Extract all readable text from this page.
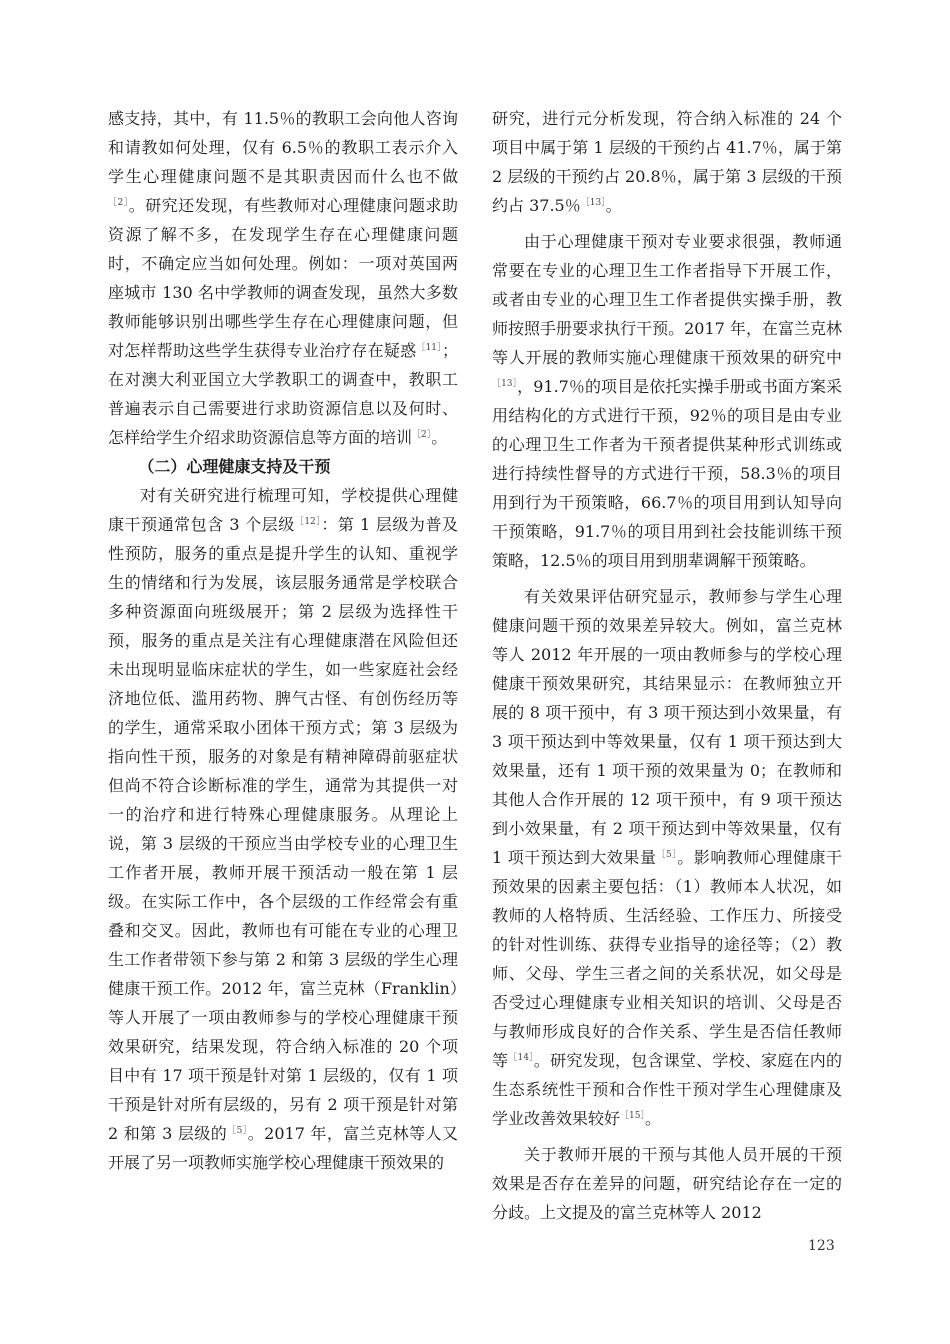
感支持，其中，有 11.5％的教职工会向他人咨询和请教如何处理，仅有 6.5％的教职工表示介入学生心理健康问题不是其职责因而什么也不做$^{[2]}$。研究还发现，有些教师对心理健康问题求助资源了解不多，在发现学生存在心理健康问题时，不确定应当如何处理。例如：一项对英国两座城市 130 名中学教师的调查发现，虽然大多数教师能够识别出哪些学生存在心理健康问题，但对怎样帮助这些学生获得专业治疗存在疑惑$^{[11]}$；在对澳大利亚国立大学教职工的调查中，教职工普遍表示自己需要进行求助资源信息以及何时、怎样给学生介绍求助资源信息等方面的培训$^{[2]}$。

（二）心理健康支持及干预

对有关研究进行梳理可知，学校提供心理健康干预通常包含 3 个层级$^{[12]}$：第 1 层级为普及性预防，服务的重点是提升学生的认知、重视学生的情绪和行为发展，该层服务通常是学校联合多种资源面向班级展开；第 2 层级为选择性干预，服务的重点是关注有心理健康潜在风险但还未出现明显临床症状的学生，如一些家庭社会经济地位低、滥用药物、脾气古怪、有创伤经历等的学生，通常采取小团体干预方式；第 3 层级为指向性干预，服务的对象是有精神障碍前驱症状但尚不符合诊断标准的学生，通常为其提供一对一的治疗和进行特殊心理健康服务。从理论上说，第 3 层级的干预应当由学校专业的心理卫生工作者开展，教师开展干预活动一般在第 1 层级。在实际工作中，各个层级的工作经常会有重叠和交叉。因此，教师也有可能在专业的心理卫生工作者带领下参与第 2 和第 3 层级的学生心理健康干预工作。2012 年，富兰克林（Franklin）等人开展了一项由教师参与的学校心理健康干预效果研究，结果发现，符合纳入标准的 20 个项目中有 17 项干预是针对第 1 层级的，仅有 1 项干预是针对所有层级的，另有 2 项干预是针对第 2 和第 3 层级的$^{[5]}$。2017 年，富兰克林等人又开展了另一项教师实施学校心理健康干预效果的

研究，进行元分析发现，符合纳入标准的 24 个项目中属于第 1 层级的干预约占 41.7％，属于第 2 层级的干预约占 20.8％，属于第 3 层级的干预约占 37.5％$^{[13]}$。

由于心理健康干预对专业要求很强，教师通常要在专业的心理卫生工作者指导下开展工作，或者由专业的心理卫生工作者提供实操手册，教师按照手册要求执行干预。2017 年，在富兰克林等人开展的教师实施心理健康干预效果的研究中$^{[13]}$，91.7％的项目是依托实操手册或书面方案采用结构化的方式进行干预，92％的项目是由专业的心理卫生工作者为干预者提供某种形式训练或进行持续性督导的方式进行干预，58.3％的项目用到行为干预策略，66.7％的项目用到认知导向干预策略，91.7％的项目用到社会技能训练干预策略，12.5％的项目用到朋辈调解干预策略。

有关效果评估研究显示，教师参与学生心理健康问题干预的效果差异较大。例如，富兰克林等人 2012 年开展的一项由教师参与的学校心理健康干预效果研究，其结果显示：在教师独立开展的 8 项干预中，有 3 项干预达到小效果量，有 3 项干预达到中等效果量，仅有 1 项干预达到大效果量，还有 1 项干预的效果量为 0；在教师和其他人合作开展的 12 项干预中，有 9 项干预达到小效果量，有 2 项干预达到中等效果量，仅有 1 项干预达到大效果量$^{[5]}$。影响教师心理健康干预效果的因素主要包括：（1）教师本人状况，如教师的人格特质、生活经验、工作压力、所接受的针对性训练、获得专业指导的途径等；（2）教师、父母、学生三者之间的关系状况，如父母是否受过心理健康专业相关知识的培训、父母是否与教师形成良好的合作关系、学生是否信任教师等$^{[14]}$。研究发现，包含课堂、学校、家庭在内的生态系统性干预和合作性干预对学生心理健康及学业改善效果较好$^{[15]}$。

关于教师开展的干预与其他人员开展的干预效果是否存在差异的问题，研究结论存在一定的分歧。上文提及的富兰克林等人 2012

123
